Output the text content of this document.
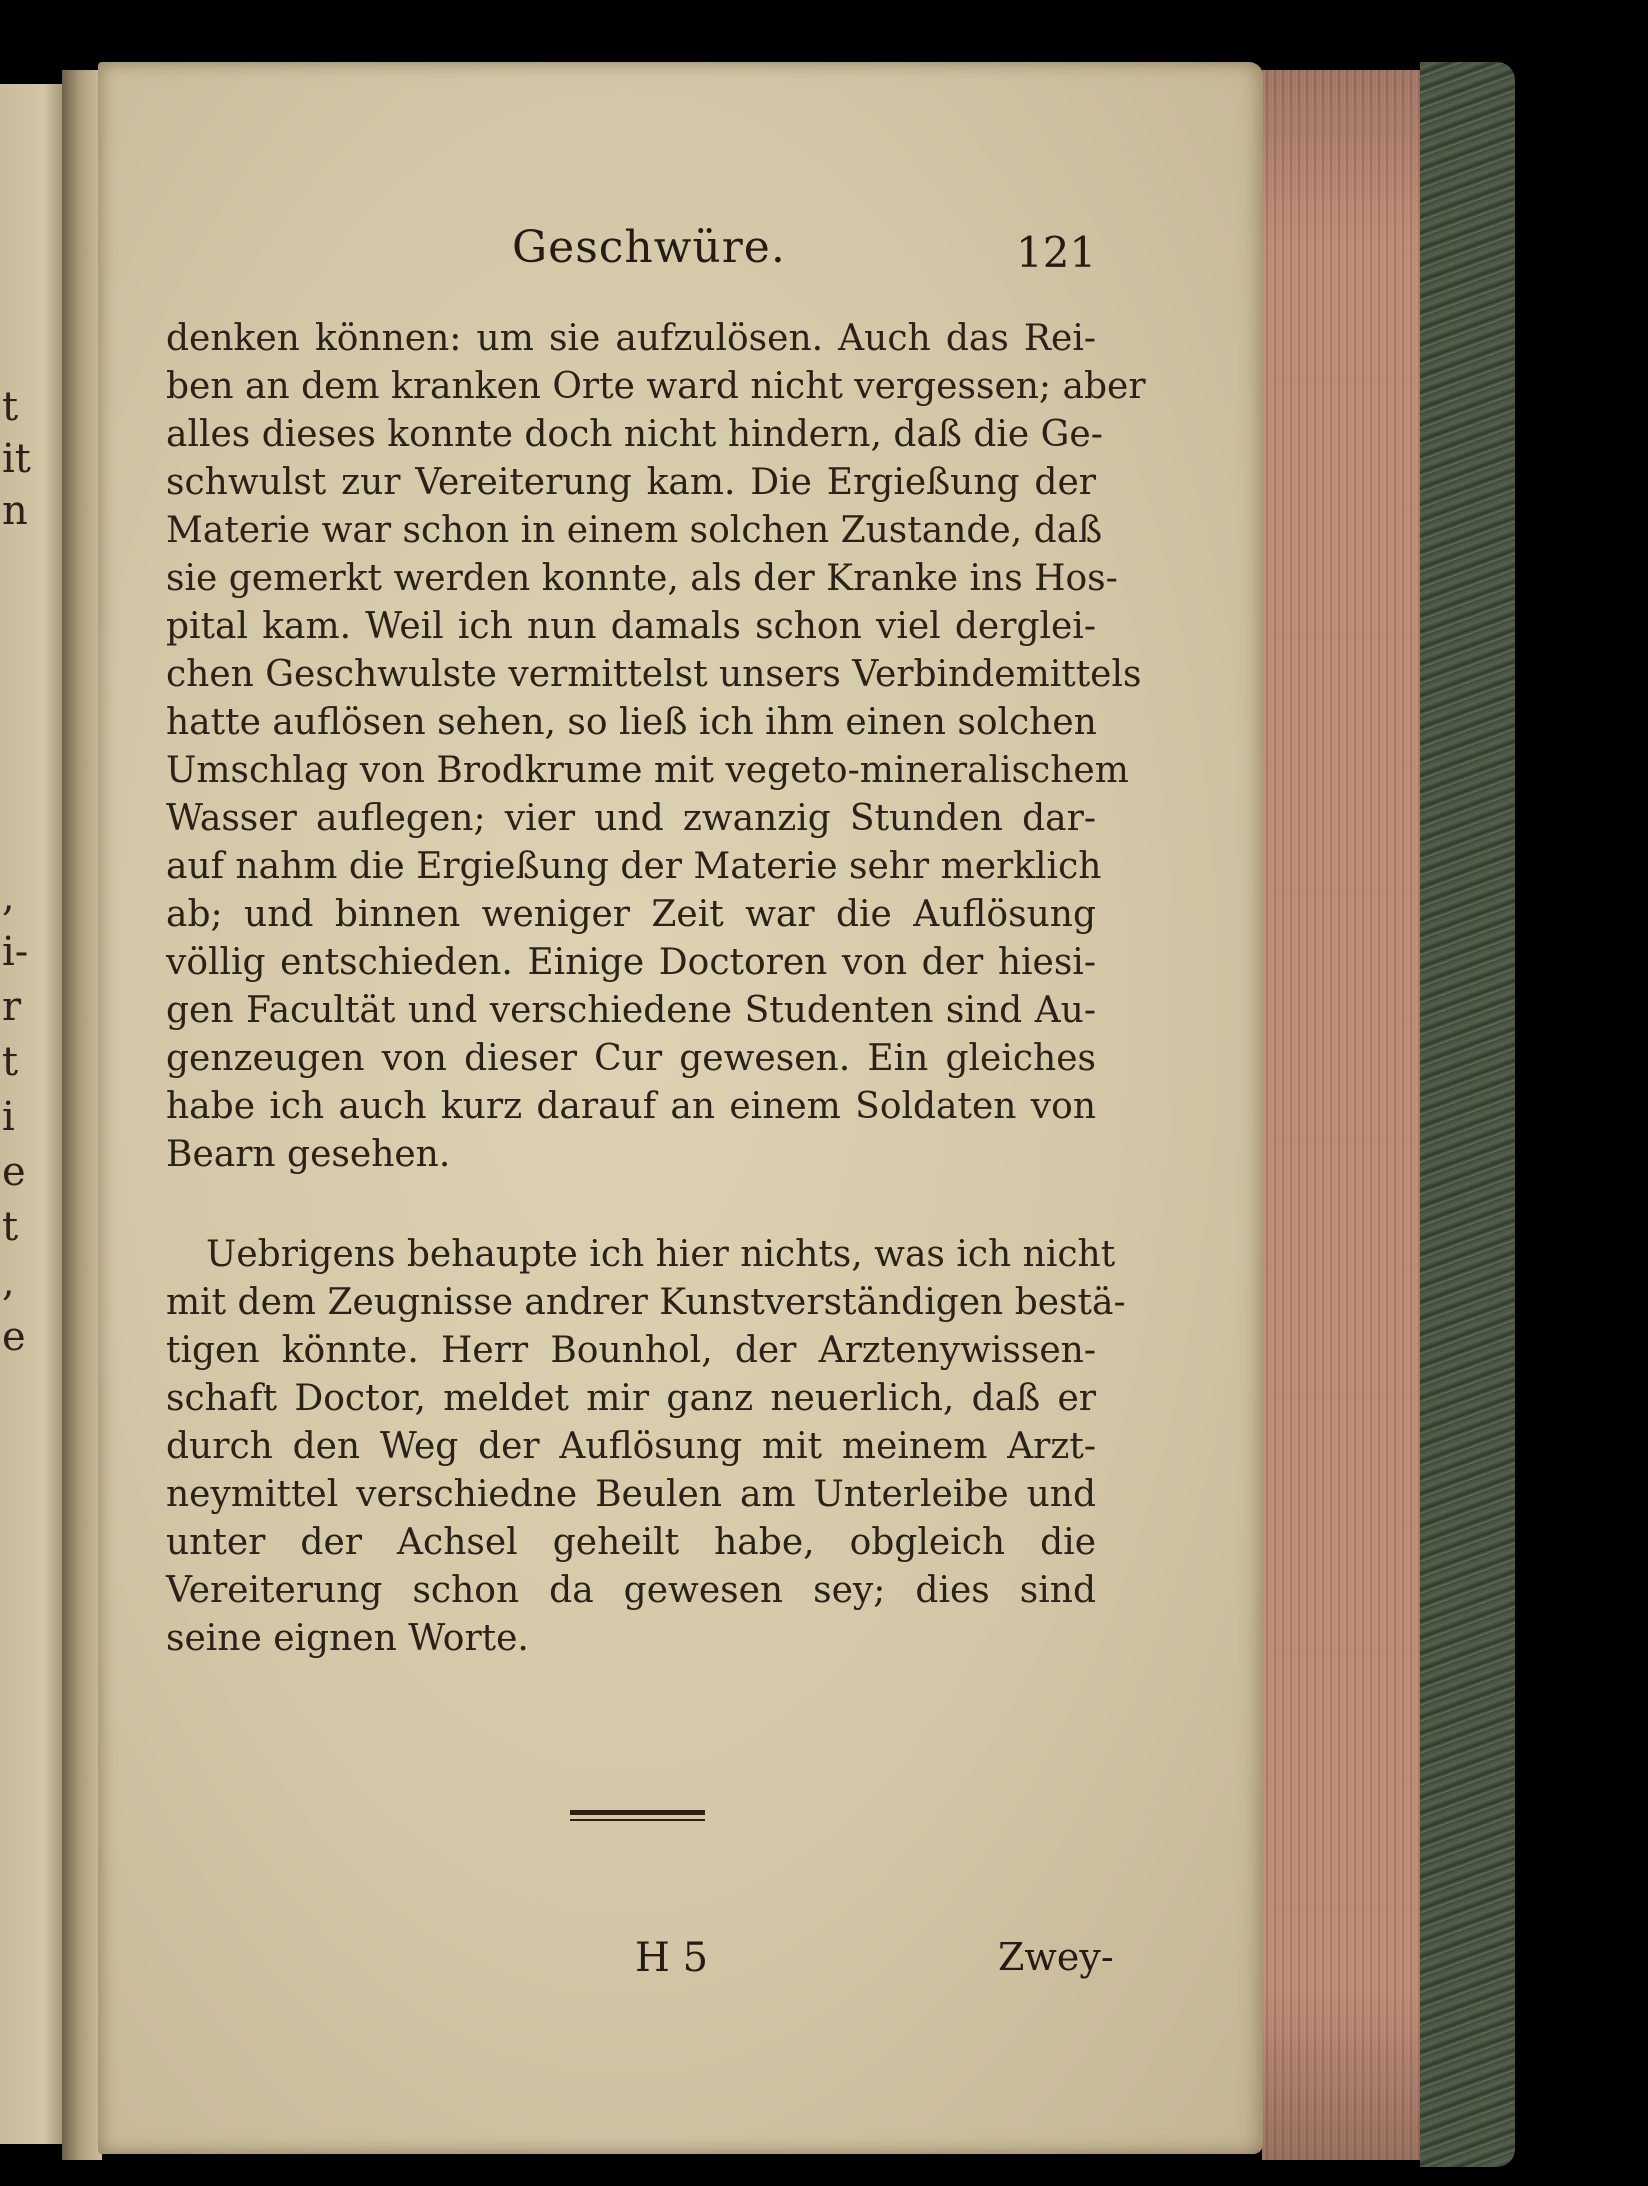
t
it
n
,
i-
r
t
i
e
t
,
e
Geschwüre.	121
denken können: um sie aufzulösen. Auch das Rei-
ben an dem kranken Orte ward nicht vergessen; aber
alles dieses konnte doch nicht hindern, daß die Ge-
schwulst zur Vereiterung kam. Die Ergießung der
Materie war schon in einem solchen Zustande, daß
sie gemerkt werden konnte, als der Kranke ins Hos-
pital kam. Weil ich nun damals schon viel derglei-
chen Geschwulste vermittelst unsers Verbindemittels
hatte auflösen sehen, so ließ ich ihm einen solchen
Umschlag von Brodkrume mit vegeto-mineralischem
Wasser auflegen; vier und zwanzig Stunden dar-
auf nahm die Ergießung der Materie sehr merklich
ab; und binnen weniger Zeit war die Auflösung
völlig entschieden. Einige Doctoren von der hiesi-
gen Facultät und verschiedene Studenten sind Au-
genzeugen von dieser Cur gewesen. Ein gleiches
habe ich auch kurz darauf an einem Soldaten von
Bearn gesehen.
Uebrigens behaupte ich hier nichts, was ich nicht
mit dem Zeugnisse andrer Kunstverständigen bestä-
tigen könnte. Herr Bounhol, der Arztenywissen-
schaft Doctor, meldet mir ganz neuerlich, daß er
durch den Weg der Auflösung mit meinem Arzt-
neymittel verschiedne Beulen am Unterleibe und
unter der Achsel geheilt habe, obgleich die
Vereiterung schon da gewesen sey; dies sind
seine eignen Worte.
H 5	Zwey-
